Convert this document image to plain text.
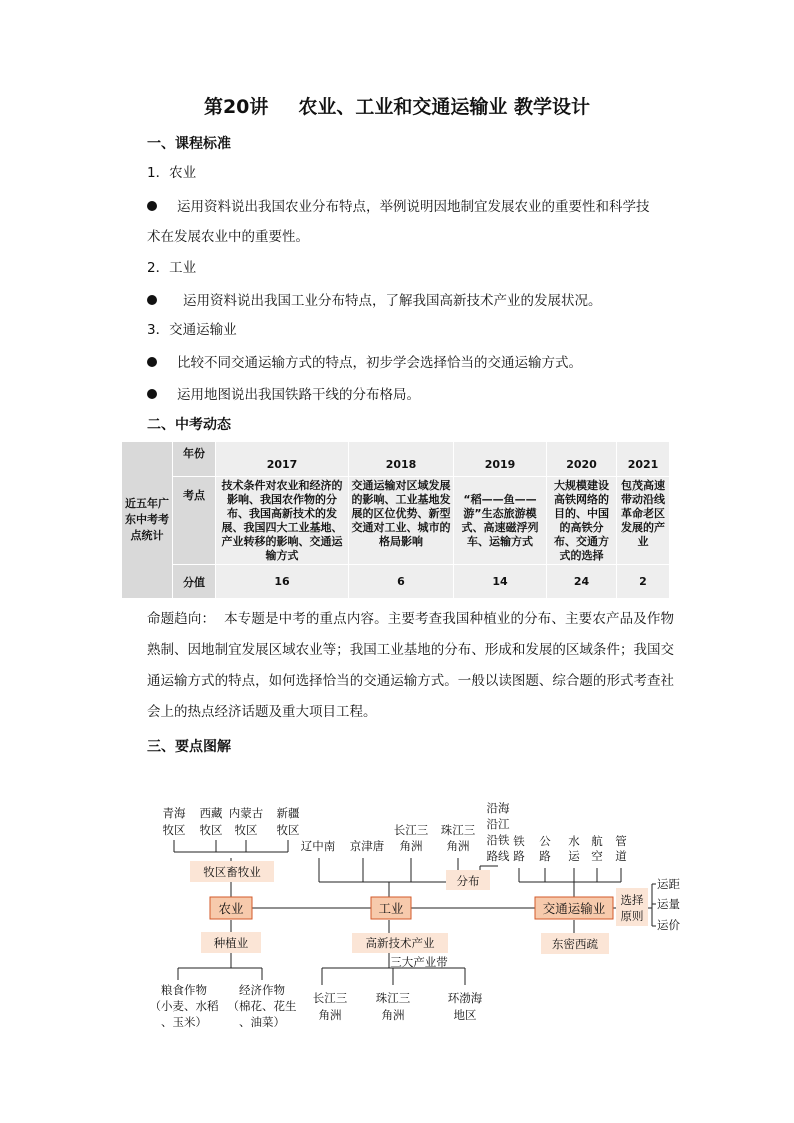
第20讲 农业、工业和交通运输业 教学设计
一、课程标准
1．农业
运用资料说出我国农业分布特点，举例说明因地制宜发展农业的重要性和科学技
术在发展农业中的重要性。
2．工业
运用资料说出我国工业分布特点，了解我国高新技术产业的发展状况。
3．交通运输业
比较不同交通运输方式的特点，初步学会选择恰当的交通运输方式。
运用地图说出我国铁路干线的分布格局。
二、中考动态
近五年广东中考考点统计	年份	2017	2018	2019	2020	2021
	考点	技术条件对农业和经济的影响、我国农作物的分布、我国高新技术的发展、我国四大工业基地、产业转移的影响、交通运输方式	交通运输对区域发展的影响、工业基地发展的区位优势、新型交通对工业、城市的格局影响	“稻——鱼——游”生态旅游模式、高速磁浮列车、运输方式	大规模建设高铁网络的目的、中国的高铁分布、交通方式的选择	包茂高速带动沿线革命老区发展的产业
	分值	16	6	14	24	2
命题趋向： 本专题是中考的重点内容。主要考查我国种植业的分布、主要农产品及作物熟制、因地制宜发展区域农业等；我国工业基地的分布、形成和发展的区域条件；我国交通运输方式的特点，如何选择恰当的交通运输方式。一般以读图题、综合题的形式考查社会上的热点经济话题及重大项目工程。
三、要点图解
农业	工业	交通运输业
牧区畜牧业
种植业
分布
高新技术产业
三大产业带
东密西疏
选择原则
青海牧区
西藏牧区
内蒙古牧区
新疆牧区
粮食作物（小麦、水稻、玉米）
经济作物（棉花、花生、油菜）
辽中南 京津唐
长江三角洲
珠江三角洲
沿海沿江沿铁路线
长江三角洲
珠江三角洲
环渤海地区
铁路
公路
水运
航空
管道
运距
运量
运价
